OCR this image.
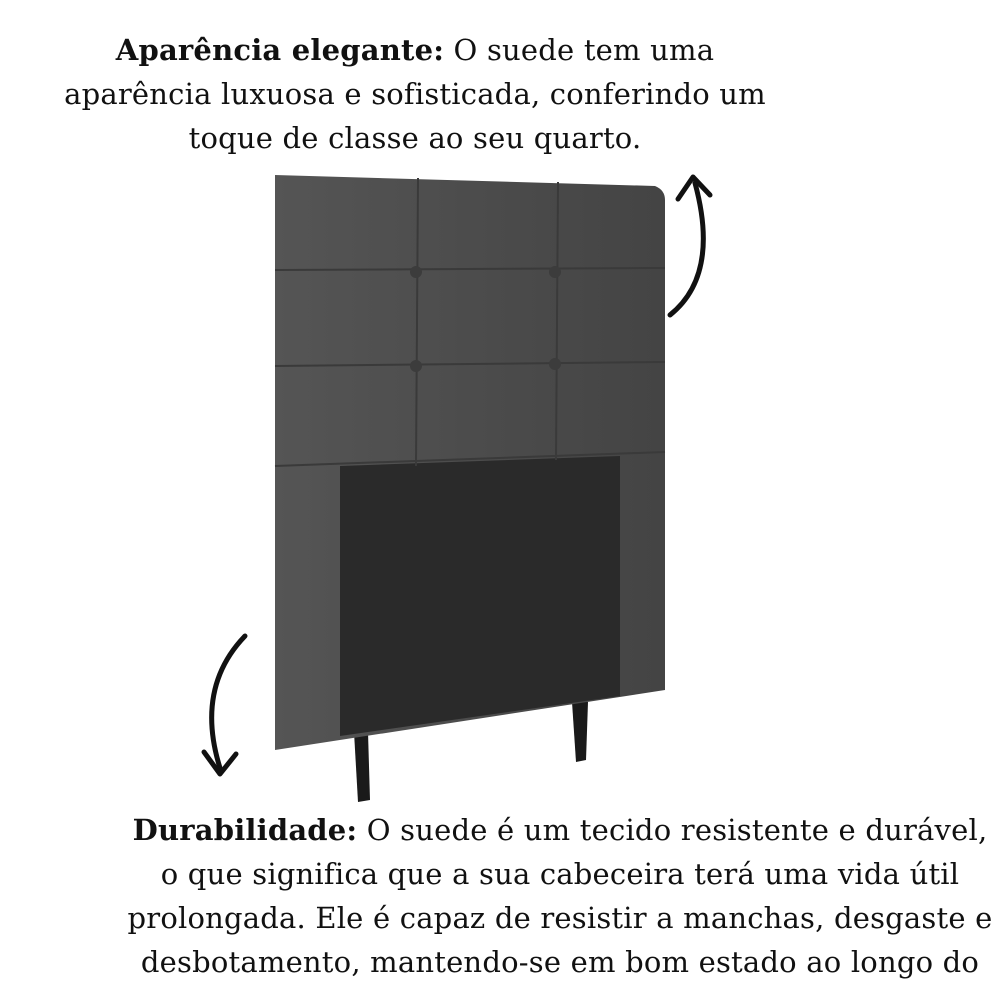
Aparência elegante: O suede tem uma aparência luxuosa e sofisticada, conferindo um toque de classe ao seu quarto.
Durabilidade: O suede é um tecido resistente e durável, o que significa que a sua cabeceira terá uma vida útil prolongada. Ele é capaz de resistir a manchas, desgaste e desbotamento, mantendo-se em bom estado ao longo do
